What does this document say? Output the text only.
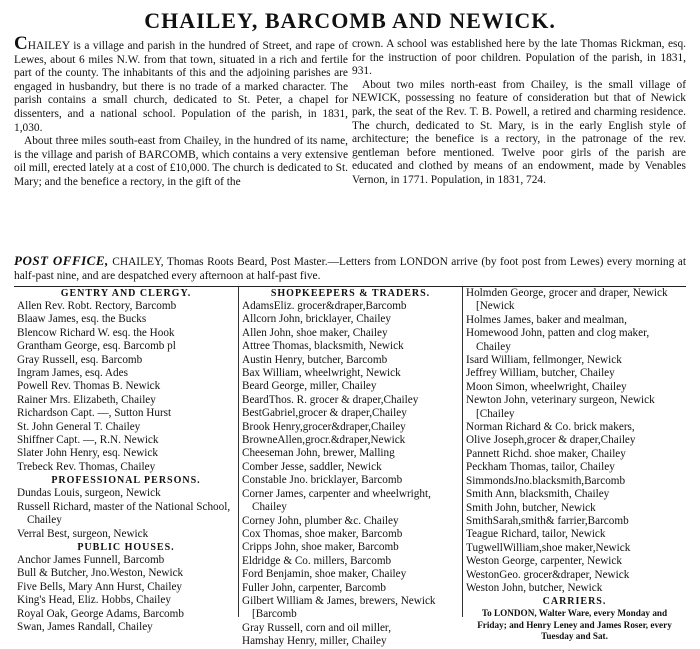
CHAILEY, BARCOMB AND NEWICK.

CHAILEY is a village and parish in the hundred of Street, and rape of Lewes, about 6 miles N.W. from that town, situated in a rich and fertile part of the county. The inhabitants of this and the adjoining parishes are engaged in husbandry, but there is no trade of a marked character. The parish contains a small church, dedicated to St. Peter, a chapel for dissenters, and a national school. Population of the parish, in 1831, 1,030.

About three miles south-east from Chailey, in the hundred of its name, is the village and parish of BARCOMB, which contains a very extensive oil mill, erected lately at a cost of £10,000. The church is dedicated to St. Mary; and the benefice a rectory, in the gift of the

crown. A school was established here by the late Thomas Rickman, esq. for the instruction of poor children. Population of the parish, in 1831, 931.

About two miles north-east from Chailey, is the small village of NEWICK, possessing no feature of consideration but that of Newick park, the seat of the Rev. T. B. Powell, a retired and charming residence. The church, dedicated to St. Mary, is in the early English style of architecture; the benefice is a rectory, in the patronage of the rev. gentleman before mentioned. Twelve poor girls of the parish are educated and clothed by means of an endowment, made by Venables Vernon, in 1771. Population, in 1831, 724.

POST OFFICE, CHAILEY, Thomas Roots Beard, Post Master.—Letters from LONDON arrive (by foot post from Lewes) every morning at half-past nine, and are despatched every afternoon at half-past five.

GENTRY AND CLERGY.
Allen Rev. Robt. Rectory, Barcomb
Blaaw James, esq. the Bucks
Blencow Richard W. esq. the Hook
Grantham George, esq. Barcomb pl
Gray Russell, esq. Barcomb
Ingram James, esq. Ades
Powell Rev. Thomas B. Newick
Rainer Mrs. Elizabeth, Chailey
Richardson Capt. —, Sutton Hurst
St. John General T. Chailey
Shiffner Capt. —, R.N. Newick
Slater John Henry, esq. Newick
Trebeck Rev. Thomas, Chailey
PROFESSIONAL PERSONS.
Dundas Louis, surgeon, Newick
Russell Richard, master of the National School, Chailey
Verral Best, surgeon, Newick
PUBLIC HOUSES.
Anchor James Funnell, Barcomb
Bull & Butcher, Jno.Weston, Newick
Five Bells, Mary Ann Hurst, Chailey
King's Head, Eliz. Hobbs, Chailey
Royal Oak, George Adams, Barcomb
Swan, James Randall, Chailey
SHOPKEEPERS & TRADERS.
AdamsEliz. grocer&draper,Barcomb
Allcorn John, bricklayer, Chailey
Allen John, shoe maker, Chailey
Attree Thomas, blacksmith, Newick
Austin Henry, butcher, Barcomb
Bax William, wheelwright, Newick
Beard George, miller, Chailey
BeardThos. R. grocer & draper,Chailey
BestGabriel,grocer & draper,Chailey
Brook Henry,grocer&draper,Chailey
BrowneAllen,grocr.&draper,Newick
Cheeseman John, brewer, Malling
Comber Jesse, saddler, Newick
Constable Jno. bricklayer, Barcomb
Corner James, carpenter and wheelwright, Chailey
Corney John, plumber &c. Chailey
Cox Thomas, shoe maker, Barcomb
Cripps John, shoe maker, Barcomb
Eldridge & Co. millers, Barcomb
Ford Benjamin, shoe maker, Chailey
Fuller John, carpenter, Barcomb
Gilbert William & James, brewers, Newick [Barcomb
Gray Russell, corn and oil miller,
Hamshay Henry, miller, Chailey
Holmden George, grocer and draper, Newick [Newick
Holmes James, baker and mealman,
Homewood John, patten and clog maker, Chailey
Isard William, fellmonger, Newick
Jeffrey William, butcher, Chailey
Moon Simon, wheelwright, Chailey
Newton John, veterinary surgeon, Newick [Chailey
Norman Richard & Co. brick makers,
Olive Joseph,grocer & draper,Chailey
Pannett Richd. shoe maker, Chailey
Peckham Thomas, tailor, Chailey
SimmondsJno.blacksmith,Barcomb
Smith Ann, blacksmith, Chailey
Smith John, butcher, Newick
SmithSarah,smith& farrier,Barcomb
Teague Richard, tailor, Newick
TugwellWilliam,shoe maker,Newick
Weston George, carpenter, Newick
WestonGeo. grocer&draper, Newick
Weston John, butcher, Newick
CARRIERS.
To LONDON, Walter Ware, every Monday and Friday; and Henry Leney and James Roser, every Tuesday and Sat.
